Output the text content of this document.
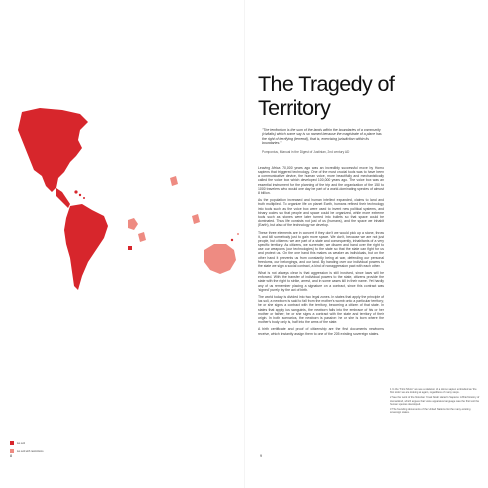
ius soli
ius soli with restrictions
8
The Tragedy of Territory
"The territorium is the sum of the lands within the boundaries of a community (civitatis) which some say is so named because the magistrate of a place has the right of terrifying (terrendi), that is, exercising jurisdiction within its boundaries."
Pomponius, Manual in the Digest of Justinian, 2nd century AD

Leaving Africa 70,000 years ago was an incredibly successful move by Homo sapiens that triggered technology. One of the most crucial tools was to have been a communicative device, the human voice, more beautifully and mechanistically called the voice box which developed 100,000 years ago. The voice box was an essential instrument for the planning of the trip and the organization of the 150 to 1000 travelers who would one day be part of a world-dominating species of almost 8 billion.

As the population increased and human intellect expanded, claims to land and truth multiplied. To organize life on planet Earth, humans refined their technology into tools such as the voice box were used to invent new political systems, and binary codes so that people and space could be organized, while more extreme tools such as stones were later turned into bullets so that space could be dominated. Thus life consists not just of us (humans), and the space we inhabit (Earth), but also of the technology we develop.

These three elements are in concert if they don't we would pick up a stone, throw it, and kill somebody just to gain more space. We don't, because we are not just people, but citizens: we are part of a state and consequently, inhabitants of a very specific territory. As citizens, we surrender, we disarm and hand over the right to use our weapons (our technologies) to the state so that the state can fight for us and protect us. On the one hand this makes us weaker as individuals, but on the other hand it prevents us from constantly being at war, defending our personal freedoms, our belongings, and our land. By handing over our individual powers to the state we sign a social contract, a kind of nonaggression pact with each other.

What is not always clear is that aggression is still involved, since laws will be enforced. With the transfer of individual powers to the state, citizens provide the state with the right to strike, arrest, and in some cases kill in their name. Yet hardly any of us remember placing a signature on a contract, since this contract was 'signed' purely by the act of birth.

The world today is divided into two legal zones. In states that apply the principle of ius soli, a newborn is said to fall from the mother's womb onto a particular territory; he or she signs a contract with the territory, becoming a citizen of that state. In states that apply ius sanguinis, the newborn falls into the embrace of his or her mother or father; he or she signs a contract with the state and territory of their origin. In both scenarios, the newborn is passive: he or she is born where the mother's body only is, half into the arms of the state.

A birth certificate and proof of citizenship are the first documents newborns receive, which instantly assign them to one of the 205 existing sovereign states.

1 In the "First Shots" we see a skeleton of a Homo sapien embodied as 'the first tools' we are looking at again, regardless of many steps.

2 See the work of the historian Yuval Noah Harari's Sapiens: A Brief History of Humankind, which argues that voice apparatus language was the first tool the human species developed.

3 The founding documents of the United Nations list the many existing sovereign states.

9
